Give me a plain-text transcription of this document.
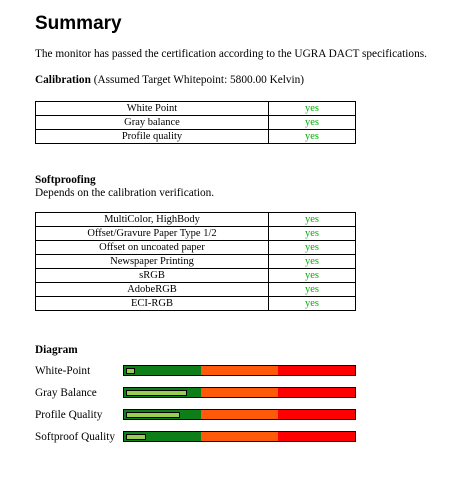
Summary
The monitor has passed the certification according to the UGRA DACT specifications.
Calibration (Assumed Target Whitepoint: 5800.00 Kelvin)
White Point	yes
Gray balance	yes
Profile quality	yes
Softproofing
Depends on the calibration verification.
MultiColor, HighBody	yes
Offset/Gravure Paper Type 1/2	yes
Offset on uncoated paper	yes
Newspaper Printing	yes
sRGB	yes
AdobeRGB	yes
ECI-RGB	yes
Diagram
White-Point
Gray Balance
Profile Quality
Softproof Quality
